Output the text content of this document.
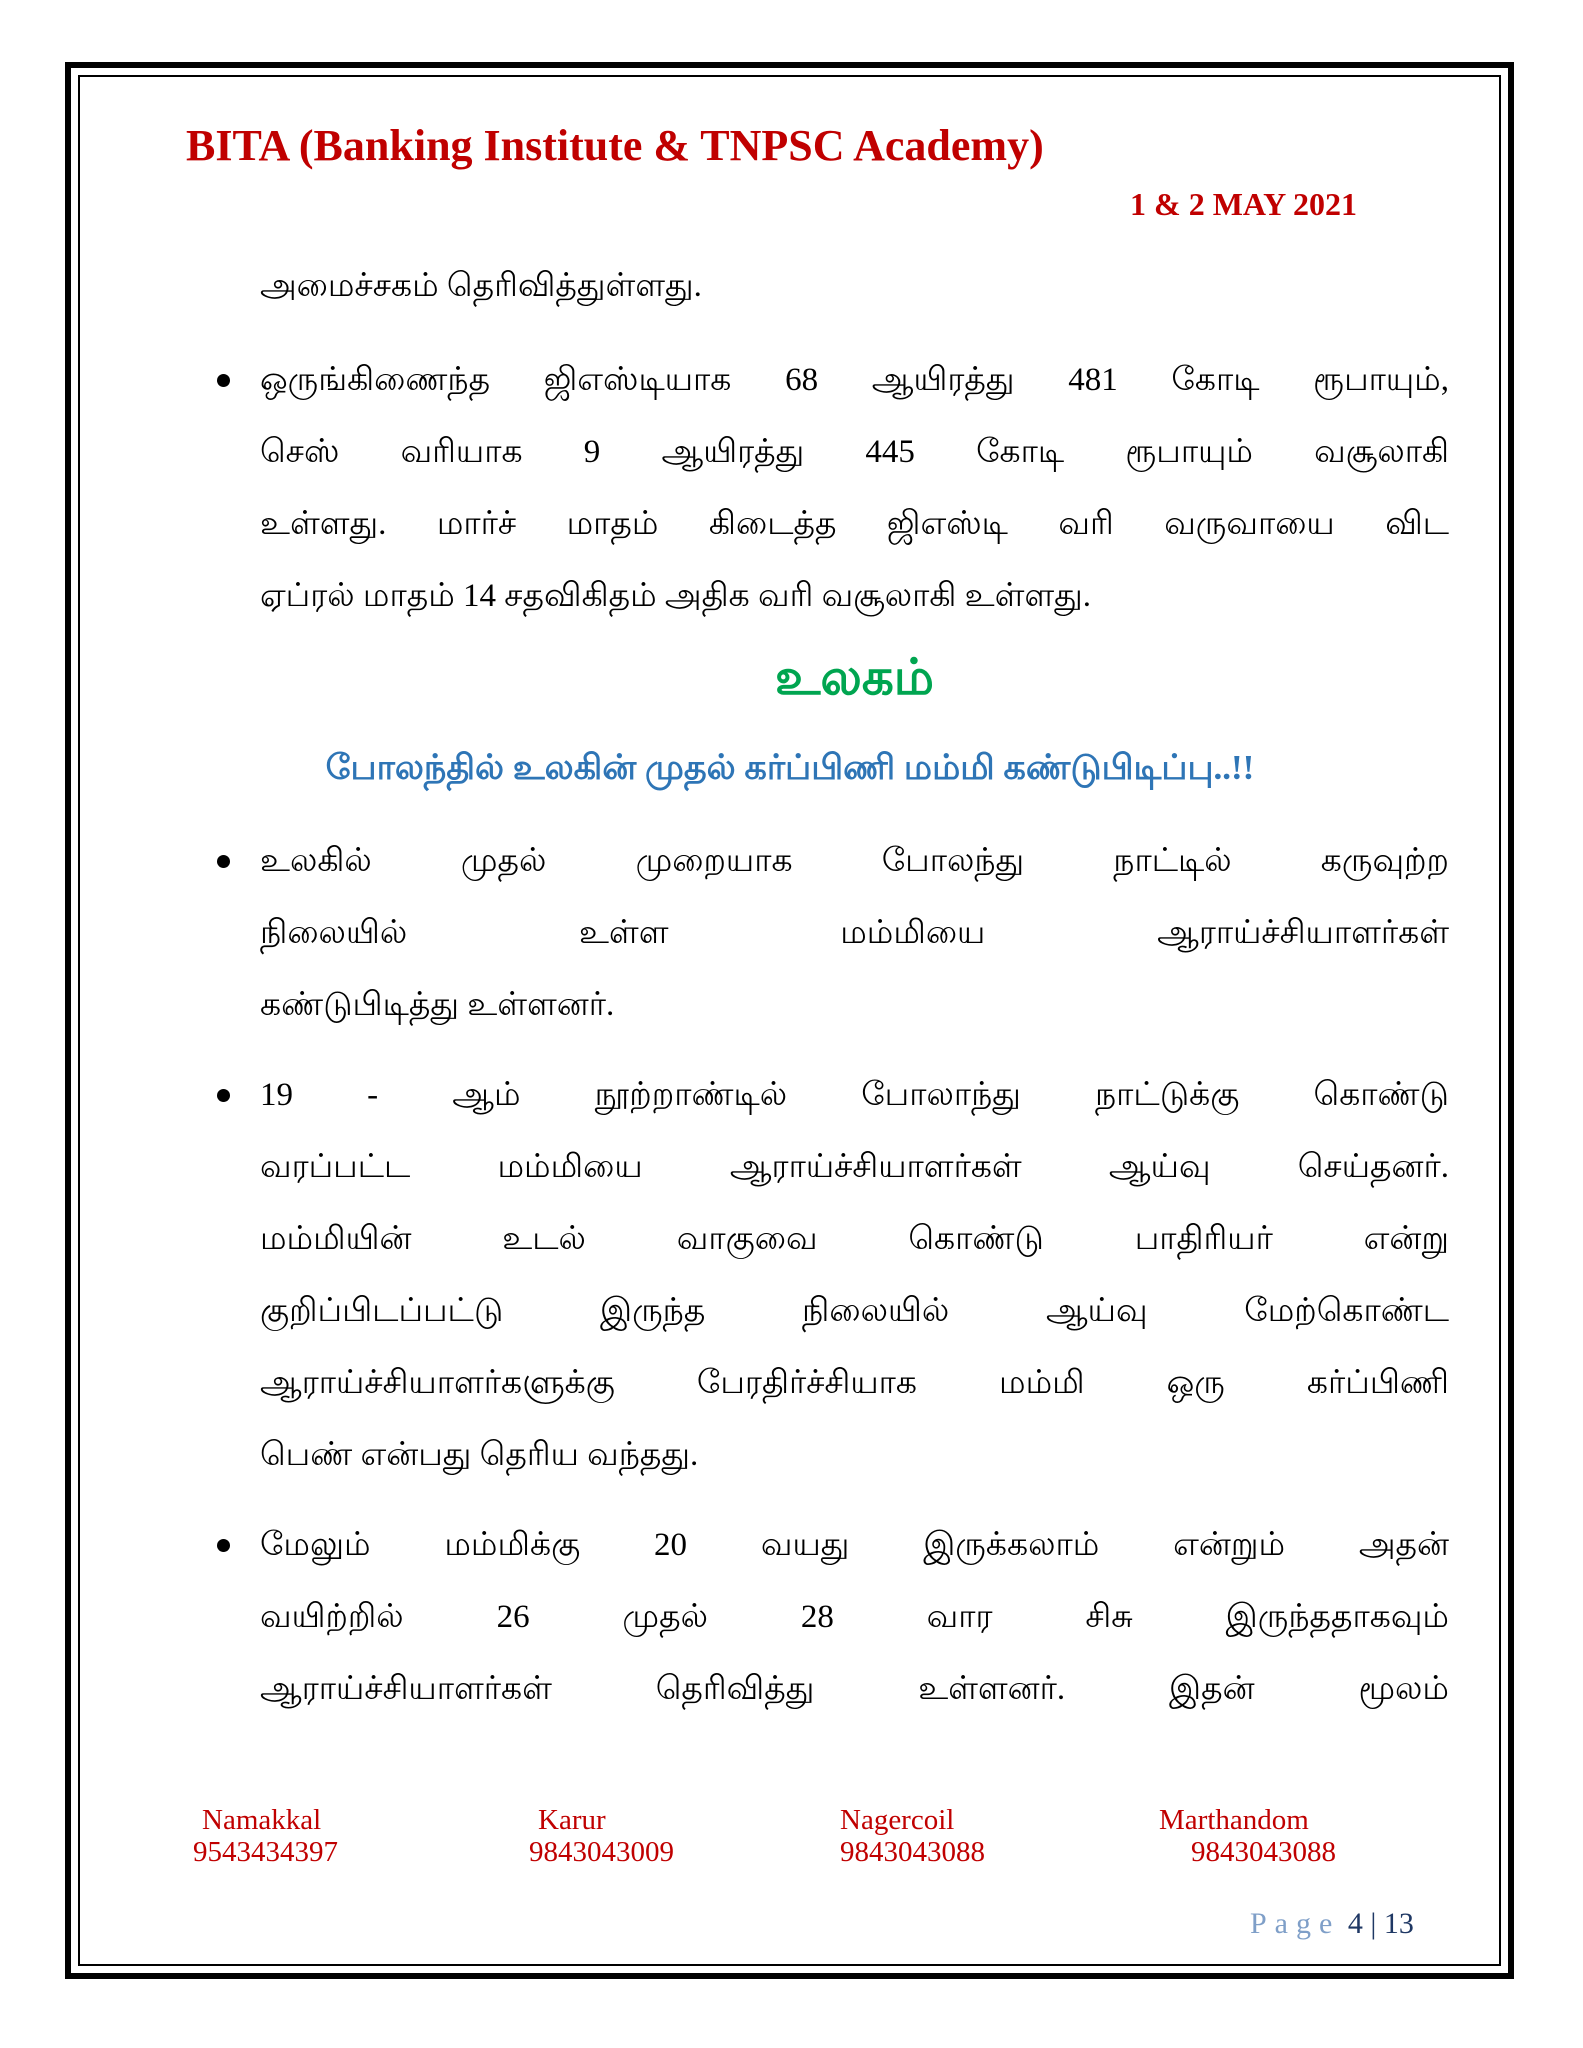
BITA (Banking Institute & TNPSC Academy)
1 & 2 MAY 2021
அமைச்சகம் தெரிவித்துள்ளது.
ஒருங்கிணைந்த ஜிஎஸ்டியாக 68 ஆயிரத்து 481 கோடி ரூபாயும்,
செஸ் வரியாக 9 ஆயிரத்து 445 கோடி ரூபாயும் வசூலாகி
உள்ளது. மார்ச் மாதம் கிடைத்த ஜிஎஸ்டி வரி வருவாயை விட
ஏப்ரல் மாதம் 14 சதவிகிதம் அதிக வரி வசூலாகி உள்ளது.
உலகம்
போலந்தில் உலகின் முதல் கர்ப்பிணி மம்மி கண்டுபிடிப்பு..!!
உலகில் முதல் முறையாக போலந்து நாட்டில் கருவுற்ற
நிலையில் உள்ள மம்மியை ஆராய்ச்சியாளர்கள்
கண்டுபிடித்து உள்ளனர்.
19 - ஆம் நூற்றாண்டில் போலாந்து நாட்டுக்கு கொண்டு
வரப்பட்ட மம்மியை ஆராய்ச்சியாளர்கள் ஆய்வு செய்தனர்.
மம்மியின் உடல் வாகுவை கொண்டு பாதிரியர் என்று
குறிப்பிடப்பட்டு இருந்த நிலையில் ஆய்வு மேற்கொண்ட
ஆராய்ச்சியாளர்களுக்கு பேரதிர்ச்சியாக மம்மி ஒரு கர்ப்பிணி
பெண் என்பது தெரிய வந்தது.
மேலும் மம்மிக்கு 20 வயது இருக்கலாம் என்றும் அதன்
வயிற்றில் 26 முதல் 28 வார சிசு இருந்ததாகவும்
ஆராய்ச்சியாளர்கள் தெரிவித்து உள்ளனர். இதன் மூலம்
Namakkal
9543434397
Karur
9843043009
Nagercoil
9843043088
Marthandom
9843043088
Page 4 | 13
